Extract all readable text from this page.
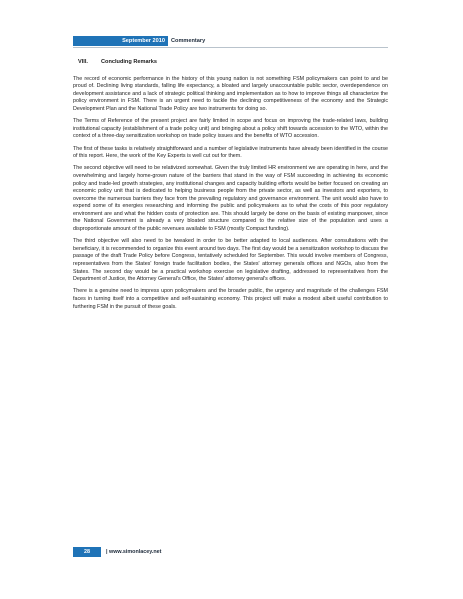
September 2010 Commentary
VIII. Concluding Remarks

The record of economic performance in the history of this young nation is not something FSM policymakers can point to and be proud of. Declining living standards, falling life expectancy, a bloated and largely unaccountable public sector, overdependence on development assistance and a lack of strategic political thinking and implementation as to how to improve things all characterize the policy environment in FSM. There is an urgent need to tackle the declining competitiveness of the economy and the Strategic Development Plan and the National Trade Policy are two instruments for doing so.

The Terms of Reference of the present project are fairly limited in scope and focus on improving the trade-related laws, building institutional capacity (establishment of a trade policy unit) and bringing about a policy shift towards accession to the WTO, within the context of a three-day sensitization workshop on trade policy issues and the benefits of WTO accession.

The first of these tasks is relatively straightforward and a number of legislative instruments have already been identified in the course of this report. Here, the work of the Key Experts is well cut out for them.

The second objective will need to be relativized somewhat. Given the truly limited HR environment we are operating in here, and the overwhelming and largely home-grown nature of the barriers that stand in the way of FSM succeeding in achieving its economic policy and trade-led growth strategies, any institutional changes and capacity building efforts would be better focused on creating an economic policy unit that is dedicated to helping business people from the private sector, as well as investors and exporters, to overcome the numerous barriers they face from the prevailing regulatory and governance environment. The unit would also have to expend some of its energies researching and informing the public and policymakers as to what the costs of this poor regulatory environment are and what the hidden costs of protection are. This should largely be done on the basis of existing manpower, since the National Government is already a very bloated structure compared to the relative size of the population and uses a disproportionate amount of the public revenues available to FSM (mostly Compact funding).

The third objective will also need to be tweaked in order to be better adapted to local audiences. After consultations with the beneficiary, it is recommended to organize this event around two days. The first day would be a sensitization workshop to discuss the passage of the draft Trade Policy before Congress, tentatively scheduled for September. This would involve members of Congress, representatives from the States' foreign trade facilitation bodies, the States' attorney generals offices and NGOs, also from the States. The second day would be a practical workshop exercise on legislative drafting, addressed to representatives from the Department of Justice, the Attorney General's Office, the States' attorney general's offices.

There is a genuine need to impress upon policymakers and the broader public, the urgency and magnitude of the challenges FSM faces in turning itself into a competitive and self-sustaining economy. This project will make a modest albeit useful contribution to furthering FSM in the pursuit of these goals.

28	| www.simonlacey.net
